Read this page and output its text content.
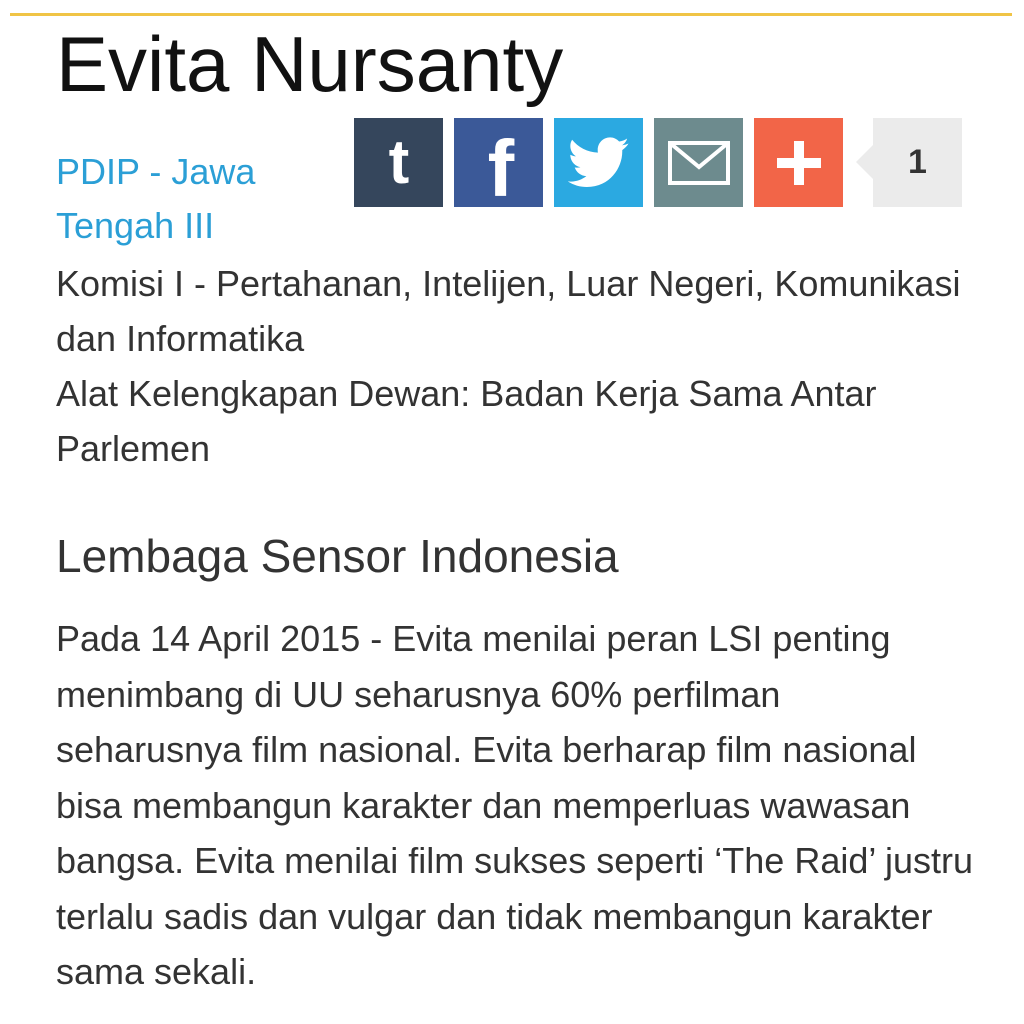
Evita Nursanty
PDIP - Jawa Tengah III
t f	1

Komisi I - Pertahanan, Intelijen, Luar Negeri, Komunikasi dan Informatika

Alat Kelengkapan Dewan: Badan Kerja Sama Antar Parlemen

Lembaga Sensor Indonesia

Pada 14 April 2015 - Evita menilai peran LSI penting menimbang di UU seharusnya 60% perfilman seharusnya film nasional. Evita berharap film nasional bisa membangun karakter dan memperluas wawasan bangsa. Evita menilai film sukses seperti ‘The Raid’ justru terlalu sadis dan vulgar dan tidak membangun karakter sama sekali.
